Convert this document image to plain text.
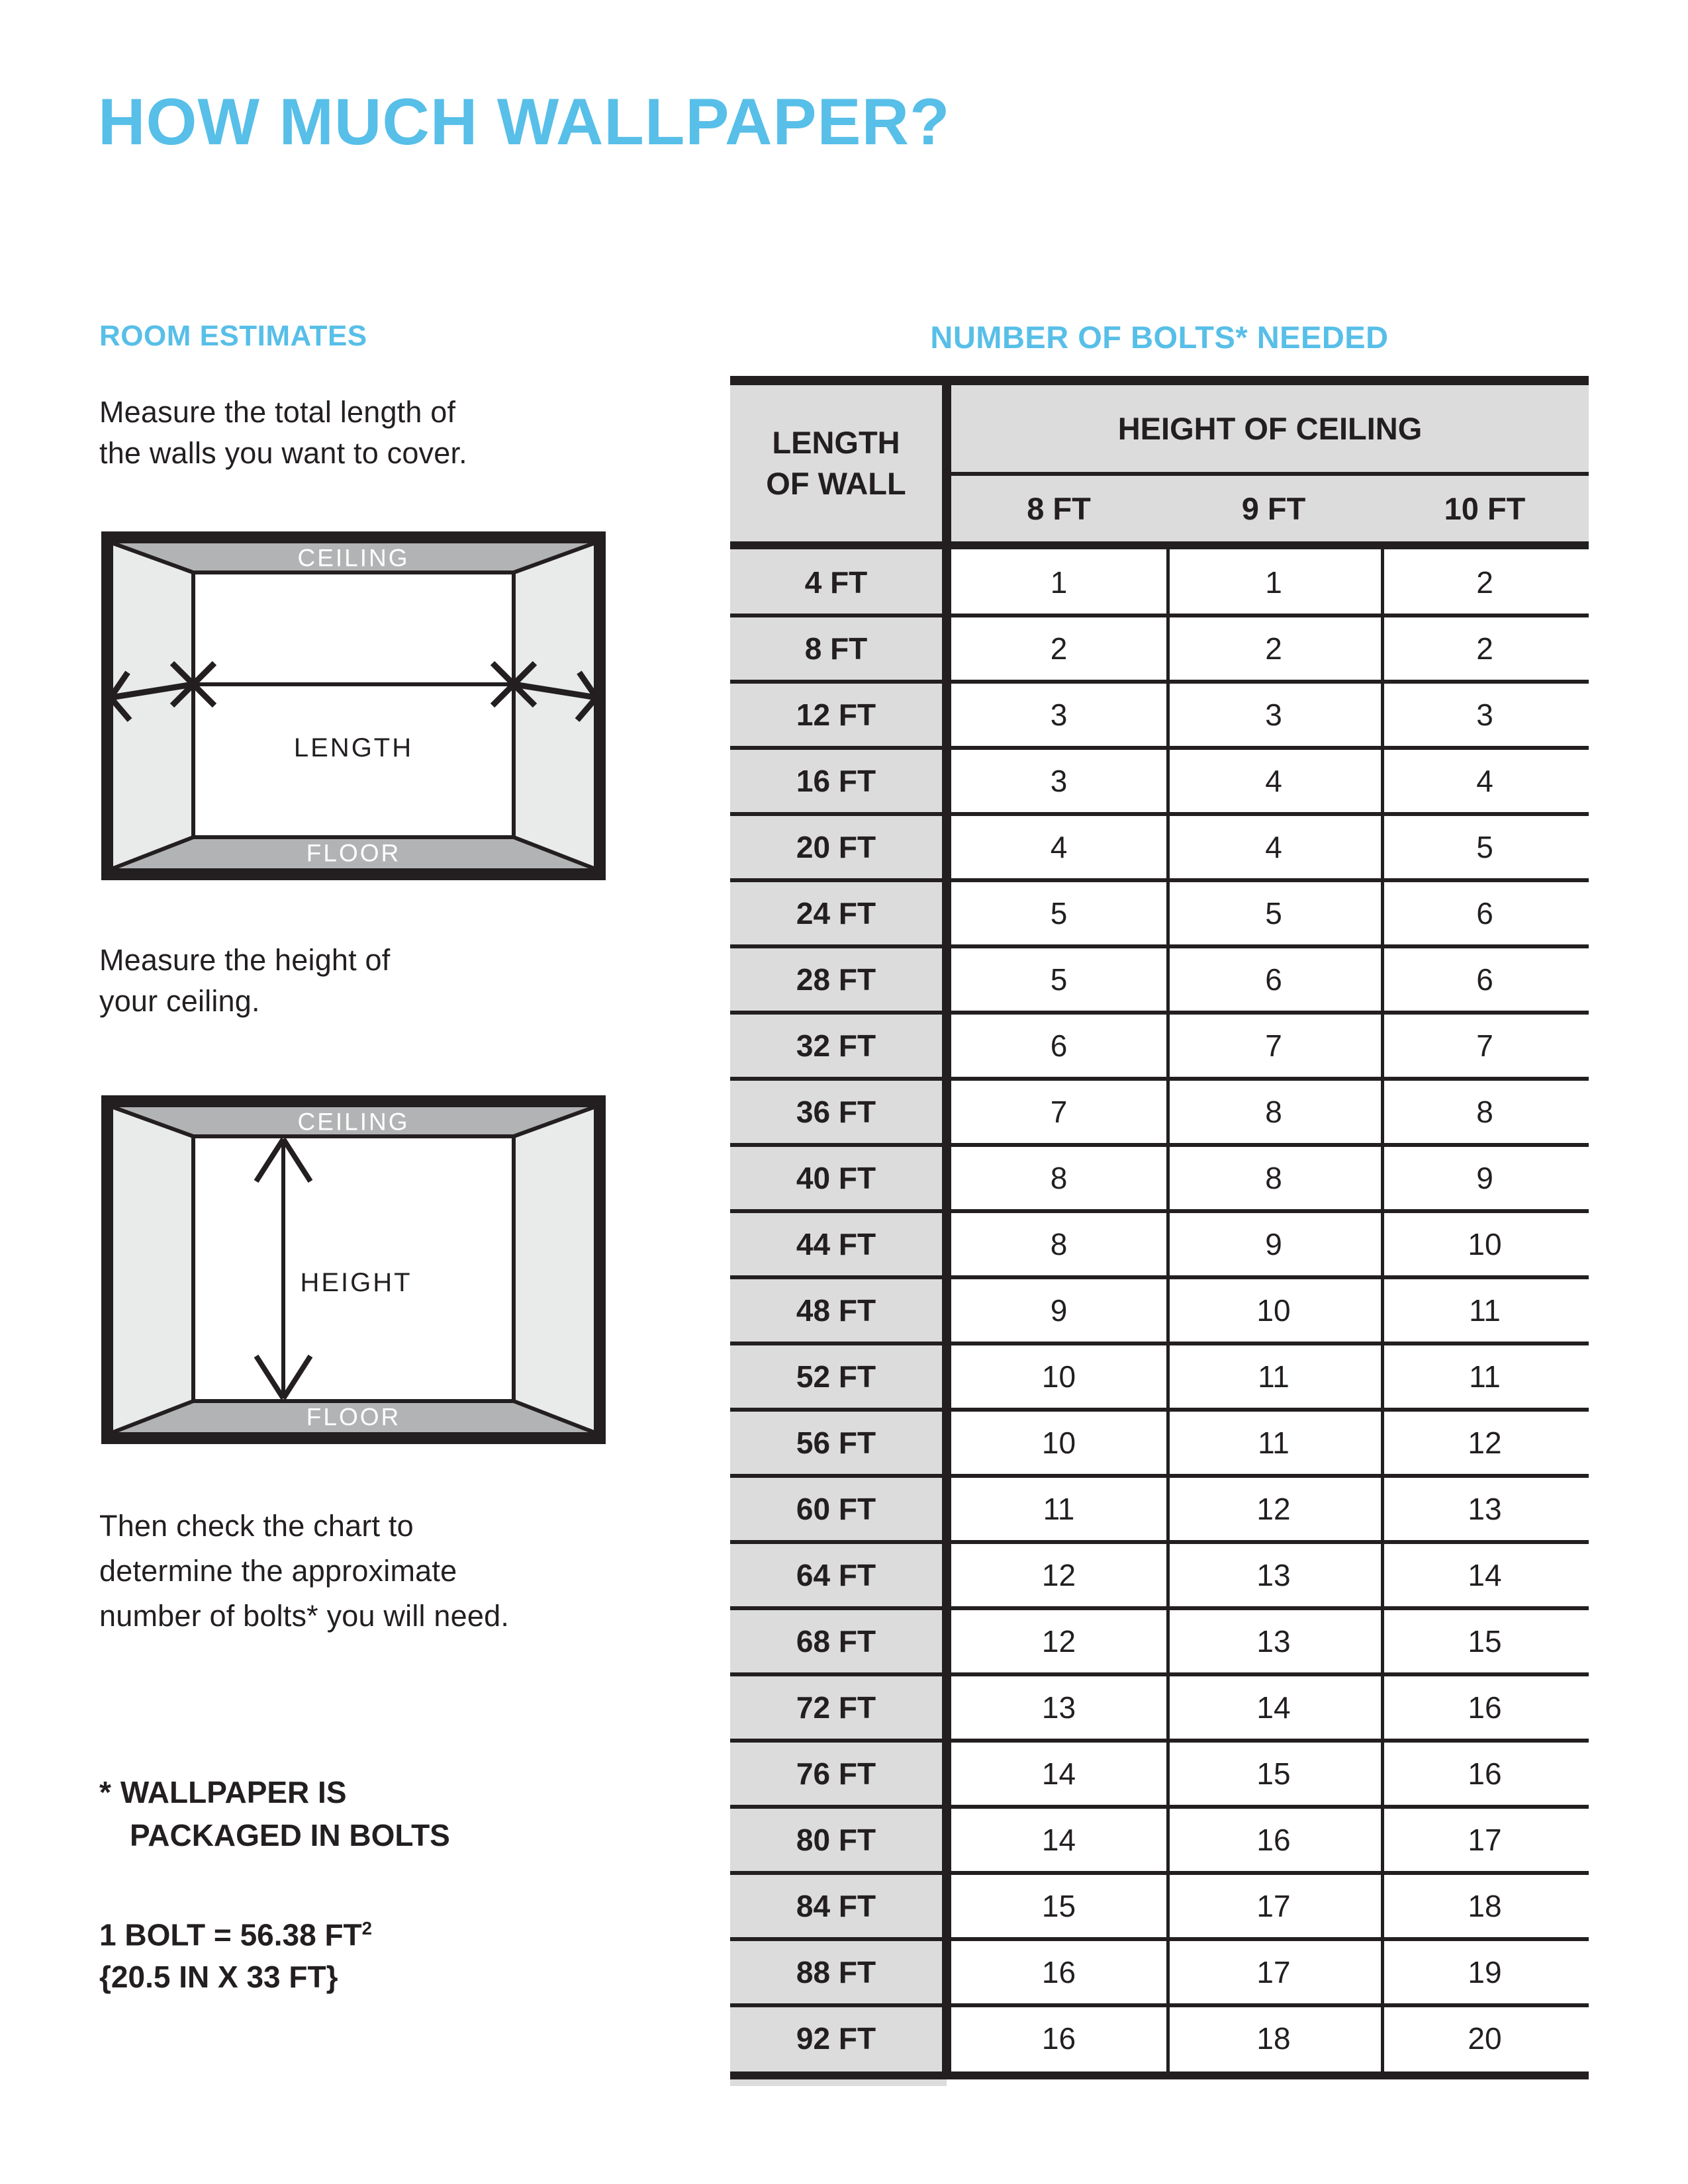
HOW MUCH WALLPAPER?
ROOM ESTIMATES
Measure the total length of
the walls you want to cover.
CEILING
LENGTH
FLOOR
Measure the height of
your ceiling.
CEILING
HEIGHT
FLOOR
Then check the chart to
determine the approximate
number of bolts* you will need.
* WALLPAPER IS
PACKAGED IN BOLTS
1 BOLT = 56.38 $FT^2$
{20.5 IN X 33 FT}
NUMBER OF BOLTS* NEEDED
LENGTH
OF WALL
HEIGHT OF CEILING
8 FT	9 FT	10 FT
4 FT	1	1	2
8 FT	2	2	2
12 FT	3	3	3
16 FT	3	4	4
20 FT	4	4	5
24 FT	5	5	6
28 FT	5	6	6
32 FT	6	7	7
36 FT	7	8	8
40 FT	8	8	9
44 FT	8	9	10
48 FT	9	10	11
52 FT	10	11	11
56 FT	10	11	12
60 FT	11	12	13
64 FT	12	13	14
68 FT	12	13	15
72 FT	13	14	16
76 FT	14	15	16
80 FT	14	16	17
84 FT	15	17	18
88 FT	16	17	19
92 FT	16	18	20
